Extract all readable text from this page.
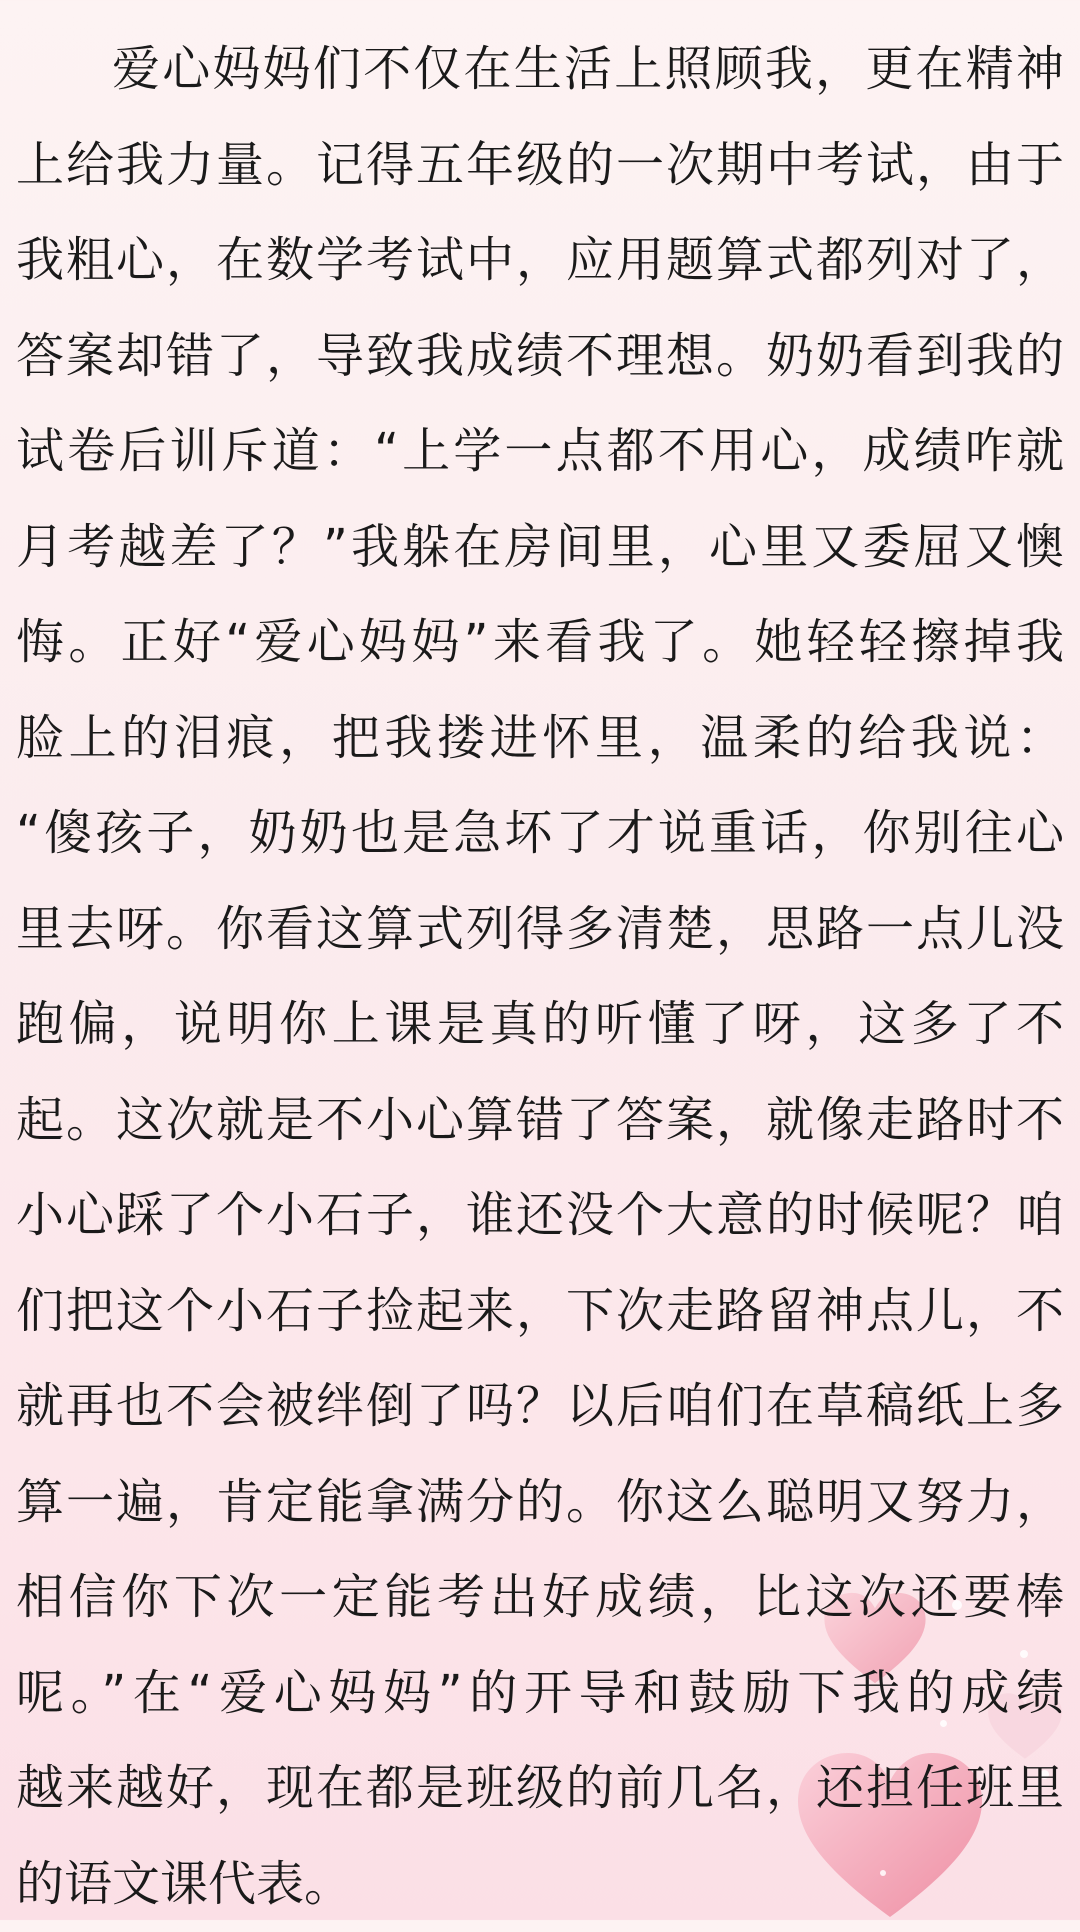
爱心妈妈们不仅在生活上照顾我，更在精神
上给我力量。记得五年级的一次期中考试，由于
我粗心，在数学考试中，应用题算式都列对了，
答案却错了，导致我成绩不理想。奶奶看到我的
试卷后训斥道：“上学一点都不用心，成绩咋就
月考越差了？”我躲在房间里，心里又委屈又懊
悔。正好“爱心妈妈”来看我了。她轻轻擦掉我
脸上的泪痕，把我搂进怀里，温柔的给我说：
“傻孩子，奶奶也是急坏了才说重话，你别往心
里去呀。你看这算式列得多清楚，思路一点儿没
跑偏，说明你上课是真的听懂了呀，这多了不
起。这次就是不小心算错了答案，就像走路时不
小心踩了个小石子，谁还没个大意的时候呢？咱
们把这个小石子捡起来，下次走路留神点儿，不
就再也不会被绊倒了吗？以后咱们在草稿纸上多
算一遍，肯定能拿满分的。你这么聪明又努力，
相信你下次一定能考出好成绩，比这次还要棒
呢。”在“爱心妈妈”的开导和鼓励下我的成绩
越来越好，现在都是班级的前几名，还担任班里
的语文课代表。
